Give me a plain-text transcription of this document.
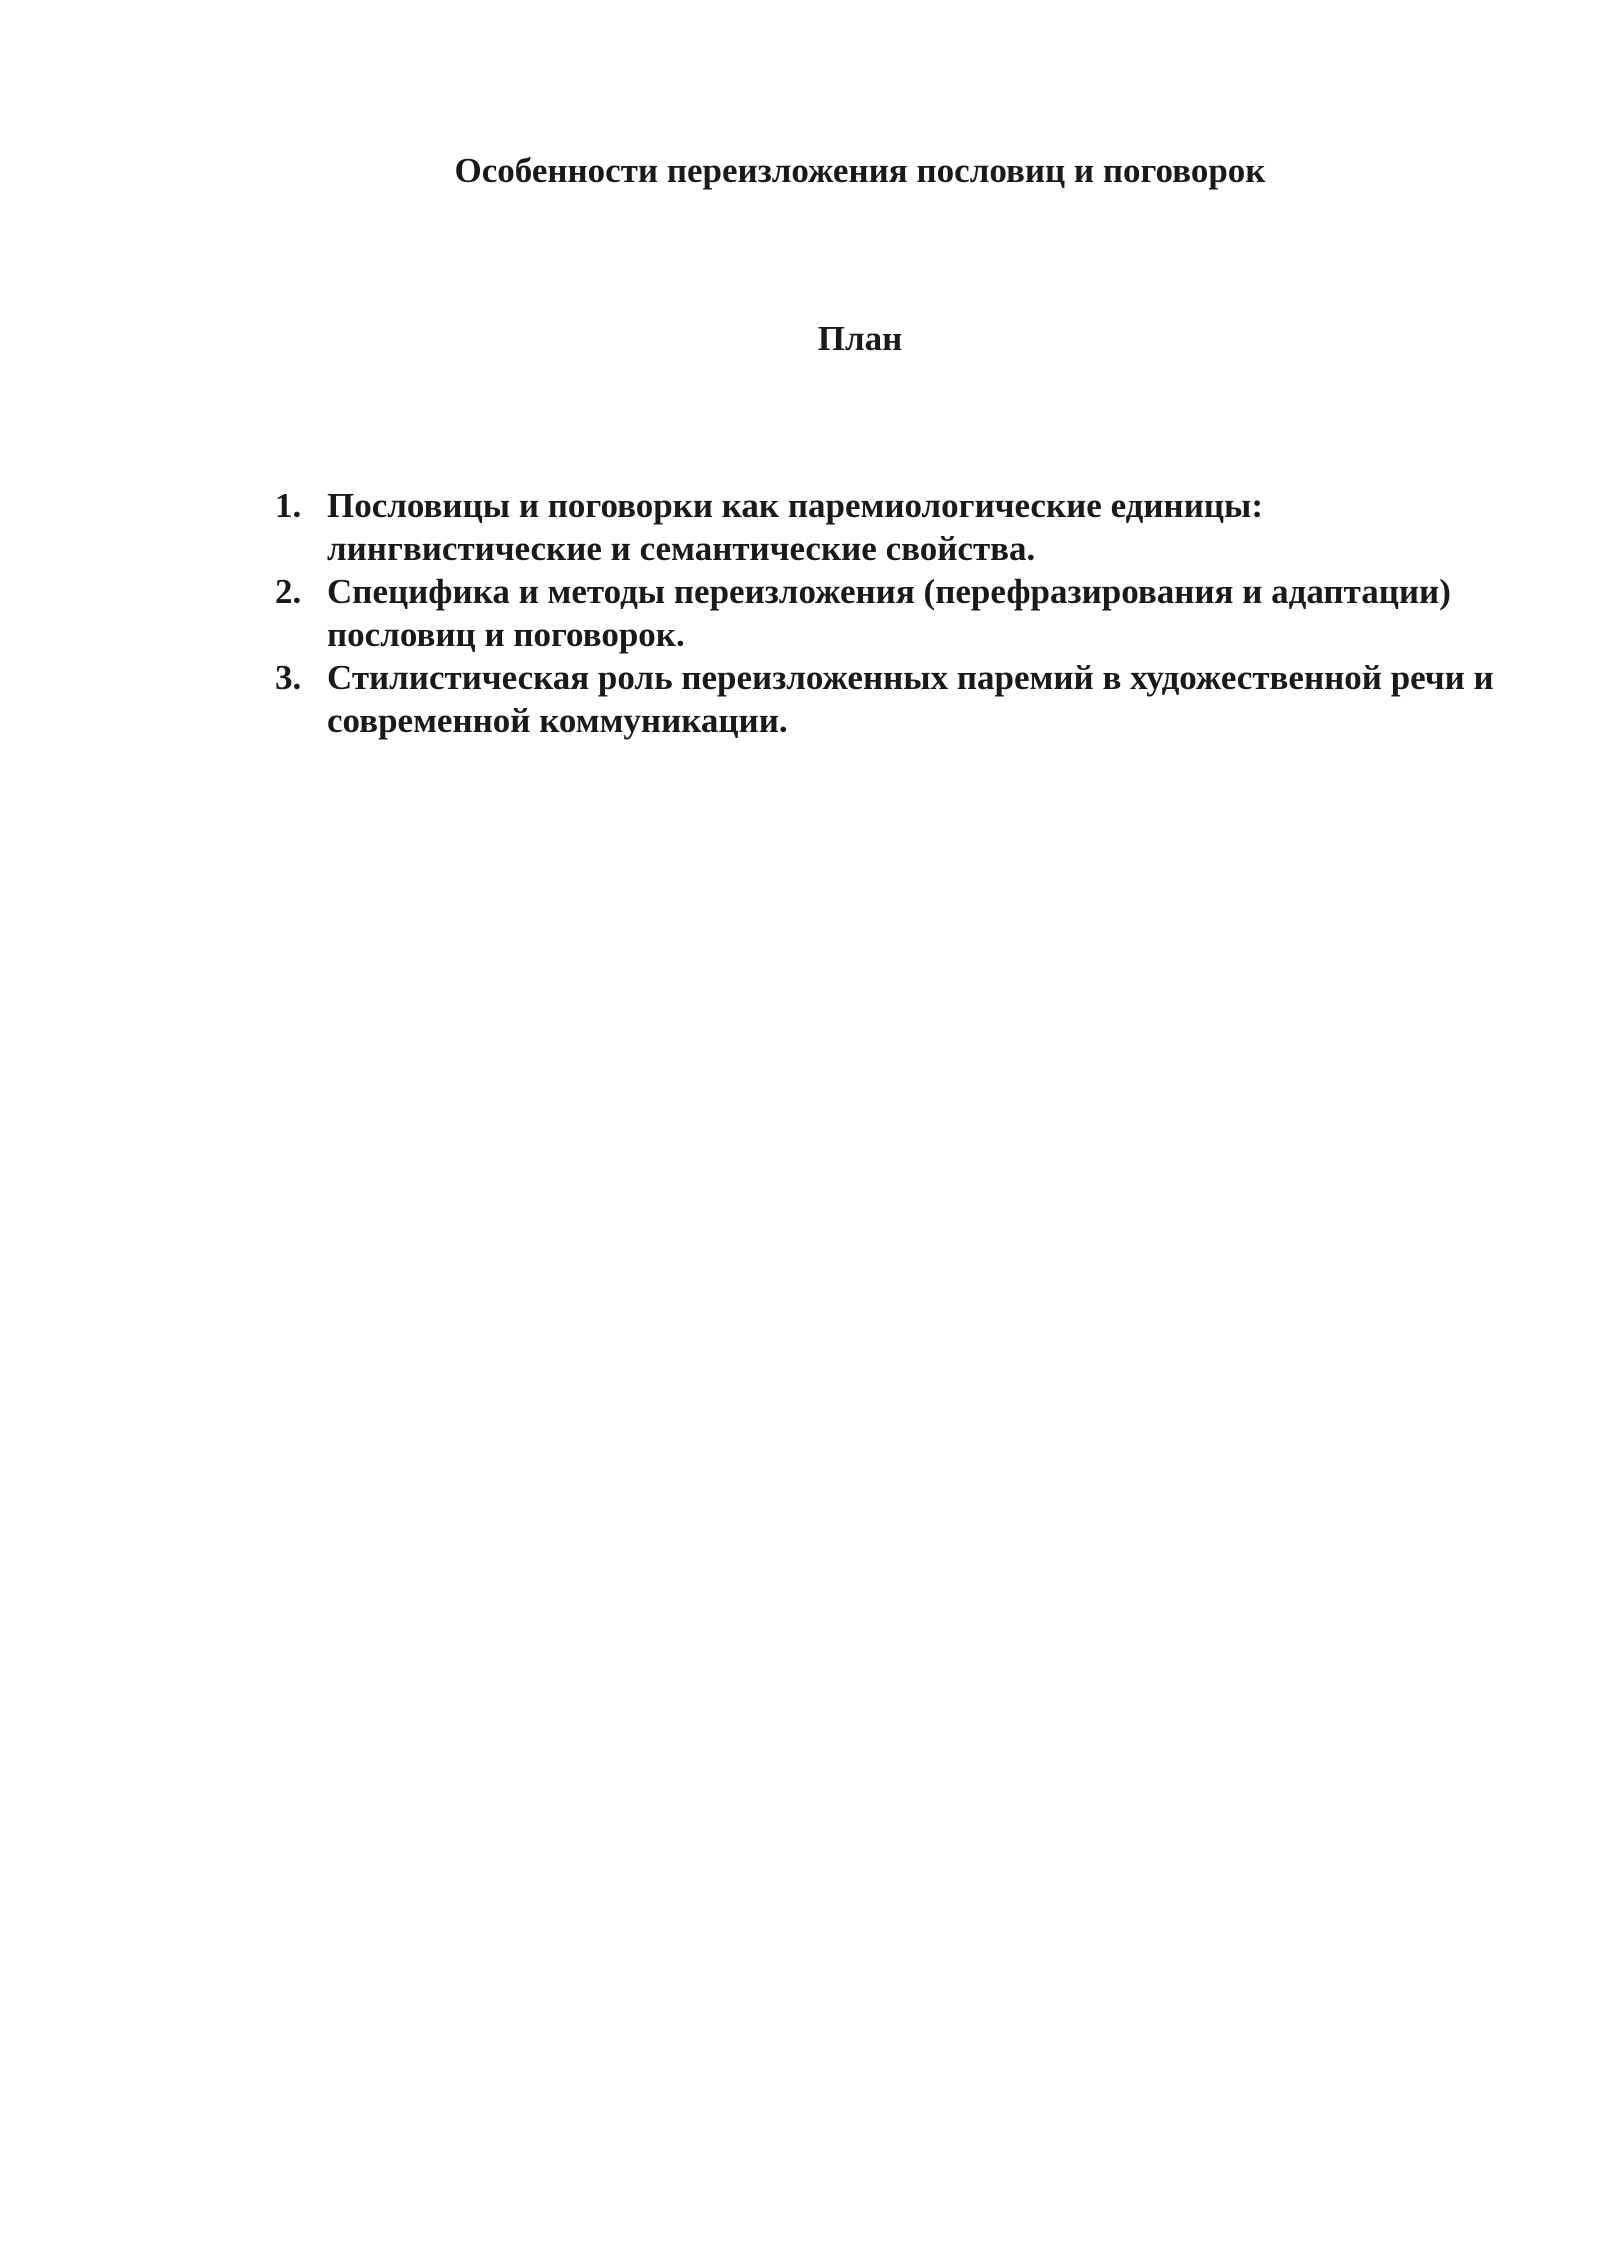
Особенности переизложения пословиц и поговорок
План
1. Пословицы и поговорки как паремиологические единицы: лингвистические и семантические свойства.
2. Специфика и методы переизложения (перефразирования и адаптации) пословиц и поговорок.
3. Стилистическая роль переизложенных паремий в художественной речи и современной коммуникации.
